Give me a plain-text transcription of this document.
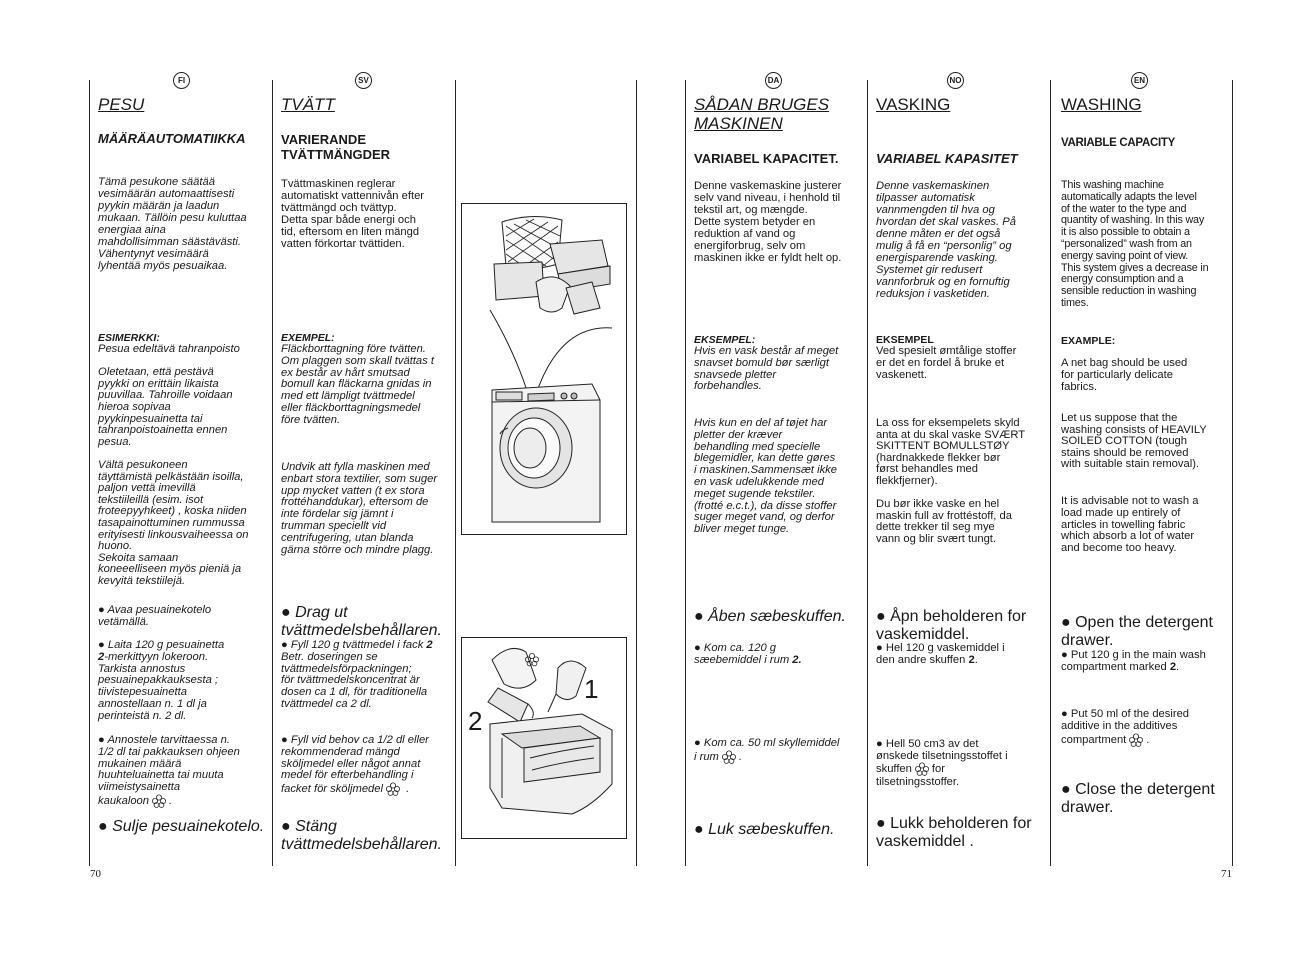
70	71
FI
PESU
MÄÄRÄAUTOMATIIKKA
Tämä pesukone säätää
vesimäärän automaattisesti
pyykin määrän ja laadun
mukaan. Tällöin pesu kuluttaa
energiaa aina
mahdollisimman säästävästi.
Vähentynyt vesimäärä
lyhentää myös pesuaikaa.
ESIMERKKI:
Pesua edeltävä tahranpoisto

Oletetaan, että pestävä
pyykki on erittäin likaista
puuvillaa. Tahroille voidaan
hieroa sopivaa
pyykinpesuainetta tai
tahranpoistoainetta ennen
pesua.

Vältä pesukoneen
täyttämistä pelkästään isoilla,
paljon vettä imevillä
tekstiileillä (esim. isot
froteepyyhkeet) , koska niiden
tasapainottuminen rummussa
erityisesti linkousvaiheessa on
huono.
Sekoita samaan
koneeelliseen myös pieniä ja
kevyitä tekstiilejä.
● Avaa pesuainekotelo
vetämällä.
● Laita 120 g pesuainetta
2-merkittyyn lokeroon.
Tarkista annostus
pesuainepakkauksesta ;
tiivistepesuainetta
annostellaan n. 1 dl ja
perinteistä n. 2 dl.
● Annostele tarvittaessa n.
1/2 dl tai pakkauksen ohjeen
mukainen määrä
huuhteluainetta tai muuta
viimeistysainetta
kaukaloon .
● Sulje pesuainekotelo.
SV
TVÄTT
VARIERANDE
TVÄTTMÄNGDER
Tvättmaskinen reglerar
automatiskt vattennivån efter
tvättmängd och tvättyp.
Detta spar både energi och
tid, eftersom en liten mängd
vatten förkortar tvättiden.
EXEMPEL:
Fläckborttagning före tvätten.
Om plaggen som skall tvättas t
ex består av hårt smutsad
bomull kan fläckarna gnidas in
med ett lämpligt tvättmedel
eller fläckborttagningsmedel
före tvätten.
Undvik att fylla maskinen med
enbart stora textilier, som suger
upp mycket vatten (t ex stora
frottéhanddukar), eftersom de
inte fördelar sig jämnt i
trumman speciellt vid
centrifugering, utan blanda
gärna större och mindre plagg.
● Drag ut
tvättmedelsbehållaren.
● Fyll 120 g tvättmedel i fack 2
Betr. doseringen se
tvättmedelsförpackningen;
för tvättmedelskoncentrat är
dosen ca 1 dl, för traditionella
tvättmedel ca 2 dl.
● Fyll vid behov ca 1/2 dl eller
rekommenderad mängd
sköljmedel eller något annat
medel för efterbehandling i
facket för sköljmedel .
● Stäng
tvättmedelsbehållaren.
1
2
DA
SÅDAN BRUGES
MASKINEN
VARIABEL KAPACITET.
Denne vaskemaskine justerer
selv vand niveau, i henhold til
tekstil art, og mængde.
Dette system betyder en
reduktion af vand og
energiforbrug, selv om
maskinen ikke er fyldt helt op.
EKSEMPEL:
Hvis en vask består af meget
snavset bomuld bør særligt
snavsede pletter
forbehandles.
Hvis kun en del af tøjet har
pletter der kræver
behandling med specielle
blegemidler, kan dette gøres
i maskinen.Sammensæt ikke
en vask udelukkende med
meget sugende tekstiler.
(frotté e.c.t.), da disse stoffer
suger meget vand, og derfor
bliver meget tunge.
● Åben sæbeskuffen.
● Kom ca. 120 g
sæebemiddel i rum 2.
● Kom ca. 50 ml skyllemiddel
i rum .
● Luk sæbeskuffen.
NO
VASKING
VARIABEL KAPASITET
Denne vaskemaskinen
tilpasser automatisk
vannmengden til hva og
hvordan det skal vaskes. På
denne måten er det også
mulig å få en “personlig” og
energisparende vasking.
Systemet gir redusert
vannforbruk og en fornuftig
reduksjon i vasketiden.
EKSEMPEL
Ved spesielt ømtålige stoffer
er det en fordel å bruke et
vaskenett.
La oss for eksempelets skyld
anta at du skal vaske SVÆRT
SKITTENT BOMULLSTØY
(hardnakkede flekker bør
først behandles med
flekkfjerner).

Du bør ikke vaske en hel
maskin full av frottéstoff, da
dette trekker til seg mye
vann og blir svært tungt.
● Åpn beholderen for
vaskemiddel.
● Hel 120 g vaskemiddel i
den andre skuffen 2.
● Hell 50 cm3 av det
ønskede tilsetningsstoffet i
skuffen for
tilsetningsstoffer.
● Lukk beholderen for
vaskemiddel .
EN
WASHING
VARIABLE CAPACITY
This washing machine
automatically adapts the level
of the water to the type and
quantity of washing. In this way
it is also possible to obtain a
“personalized” wash from an
energy saving point of view.
This system gives a decrease in
energy consumption and a
sensible reduction in washing
times.
EXAMPLE:
A net bag should be used
for particularly delicate
fabrics.
Let us suppose that the
washing consists of HEAVILY
SOILED COTTON (tough
stains should be removed
with suitable stain removal).
It is advisable not to wash a
load made up entirely of
articles in towelling fabric
which absorb a lot of water
and become too heavy.
● Open the detergent
drawer.
● Put 120 g in the main wash
compartment marked 2.
● Put 50 ml of the desired
additive in the additives
compartment .
● Close the detergent
drawer.
